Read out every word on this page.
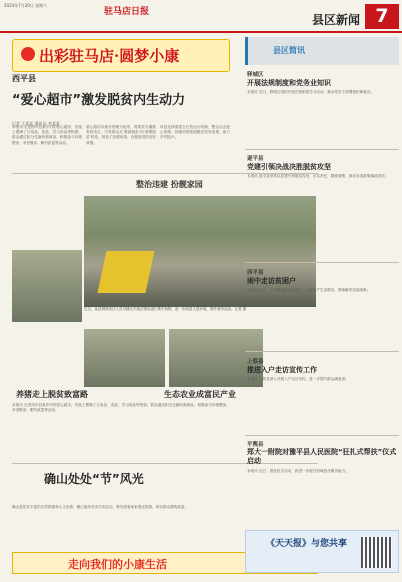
2024年7月20日 星期六
驻马店日报
县区新闻 7
出彩驻马店·圆梦小康
西平县
“爱心超市”激发脱贫内生动力
记者 王某某 通讯员 李某某
本报讯 走进西平县某乡村的爱心超市，货架上摆满了日用品、食品、学习用品等物资。群众通过积分兑换所需商品，积极参与环境整治、孝老敬亲、勤劳致富等活动。
爱心超市以积分管理为纽带，将帮扶与激励有机结合，引导群众从‘要我脱贫’向‘我要脱贫’转变，营造了崇德向善、自强奋进的良好氛围。
该县还探索建立长效运行机制，整合社会爱心资源，持续巩固拓展脱贫攻坚成果，助力乡村振兴。
整治违建 扮靓家园
近日，某县城管执法人员对辖区内违法建设进行集中拆除，进一步改善人居环境，提升城市品质。记者 摄
养猪走上脱贫致富路	生态农业成富民产业
本报讯 走进西平县某乡村的爱心超市，货架上摆满了日用品、食品、学习用品等物资。群众通过积分兑换所需商品，积极参与环境整治、孝老敬亲、勤劳致富等活动。
确山处处“节”风光
确山县依托丰富的自然资源和人文优势，精心组织各类节庆活动，吸引游客前来观光旅游，带动群众增收致富。
走向我们的小康生活
县区简讯
驿城区
开展法规制度和党务业知识
本报讯 近日，驿城区组织开展法规制度学习活动，推动党员干部增强纪律意识。
遂平县
党建引领决战决胜脱贫攻坚
本报讯 遂平县坚持以党建引领脱贫攻坚，压实责任，精准施策，推动各项政策落地见效。
西平县
雨中走访贫困户
本报讯 近日，干部冒雨走访贫困户，了解生产生活情况，帮助解决实际困难。
上蔡县
推进入户走访宣传工作
本报讯 上蔡县深入开展入户走访宣传，进一步提升群众满意度。
平舆县
郑大一附院对豫平县人民医院“狂扎式帮扶”仪式启动
本报讯 近日，帮扶仪式启动，将进一步提升县域医疗服务能力。
《天天报》与您共享
